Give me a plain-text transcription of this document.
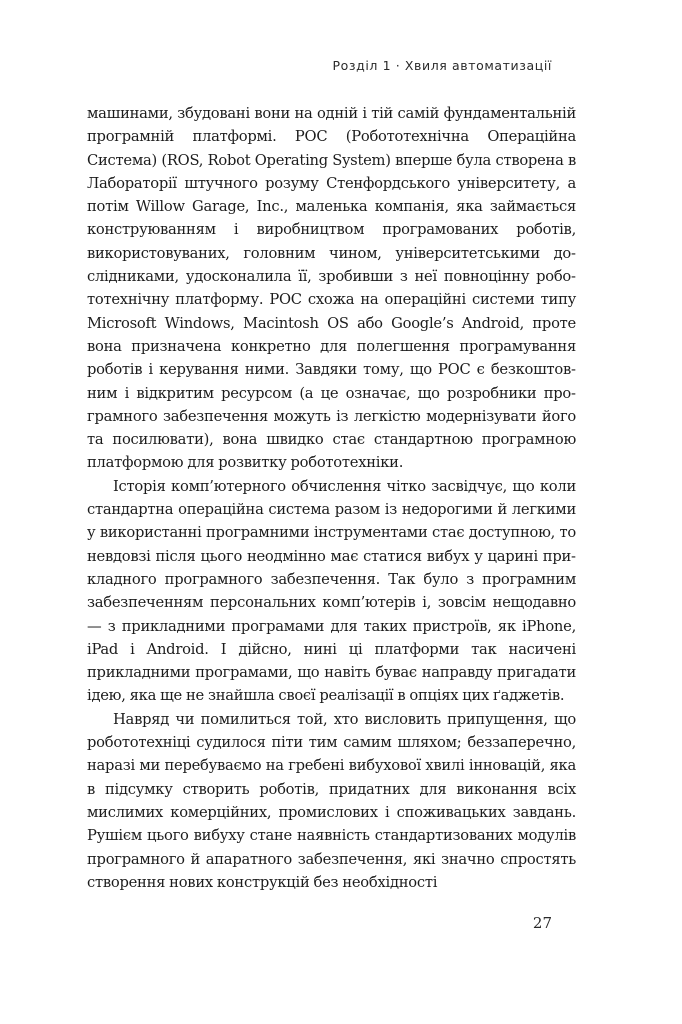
Розділ 1 · Хвиля автоматизації

машинами, збудовані вони на одній і тій самій фундаментальній програмній платформі. РОС (Робототехнічна Операційна Система) (ROS, Robot Operating System) вперше була створена в Лабораторії штучного розуму Стенфордського університету, а потім Willow Garage, Inc., маленька компанія, яка займається конструюванням і виробництвом програмованих роботів, використовуваних, головним чином, університетськими дослідниками, удосконалила її, зробивши з неї повноцінну робототехнічну платформу. РОС схожа на операційні системи типу Microsoft Windows, Macintosh OS або Google’s Android, проте вона призначена конкретно для полегшення програмування роботів і керування ними. Завдяки тому, що РОС є безкоштовним і відкритим ресурсом (а це означає, що розробники програмного забезпечення можуть із легкістю модернізувати його та посилювати), вона швидко стає стандартною програмною платформою для розвитку робототехніки.

Історія комп’ютерного обчислення чітко засвідчує, що коли стандартна операційна система разом із недорогими й легкими у використанні програмними інструментами стає доступною, то невдовзі після цього неодмінно має статися вибух у царині прикладного програмного забезпечення. Так було з програмним забезпеченням персональних комп’ютерів і, зовсім нещодавно — з прикладними програмами для таких пристроїв, як iPhone, iPad і Android. І дійсно, нині ці платформи так насичені прикладними програмами, що навіть буває направду пригадати ідею, яка ще не знайшла своєї реалізації в опціях цих ґаджетів.

Навряд чи помилиться той, хто висловить припущення, що робототехніці судилося піти тим самим шляхом; беззаперечно, наразі ми перебуваємо на гребені вибухової хвилі інновацій, яка в підсумку створить роботів, придатних для виконання всіх мислимих комерційних, промислових і споживацьких завдань. Рушієм цього вибуху стане наявність стандартизованих модулів програмного й апаратного забезпечення, які значно спростять створення нових конструкцій без необхідності

27
